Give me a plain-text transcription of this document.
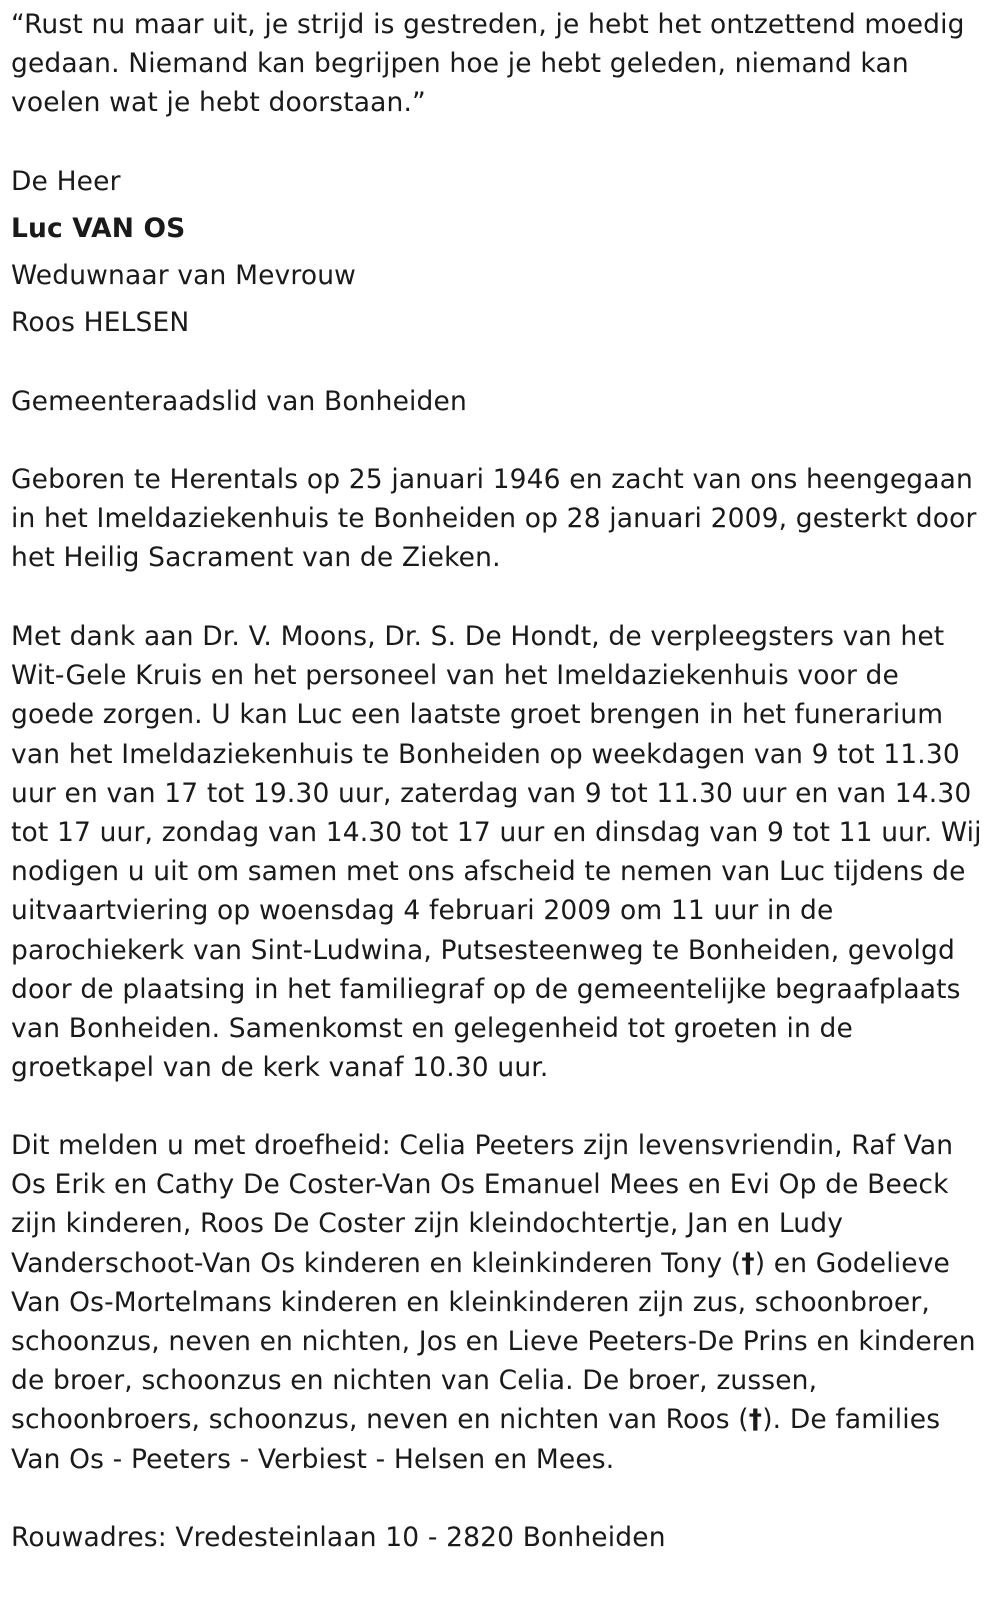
“Rust nu maar uit, je strijd is gestreden, je hebt het ontzettend moedig gedaan. Niemand kan begrijpen hoe je hebt geleden, niemand kan voelen wat je hebt doorstaan.”

De Heer
Luc VAN OS
Weduwnaar van Mevrouw
Roos HELSEN
Gemeenteraadslid van Bonheiden

Geboren te Herentals op 25 januari 1946 en zacht van ons heengegaan in het Imeldaziekenhuis te Bonheiden op 28 januari 2009, gesterkt door het Heilig Sacrament van de Zieken.

Met dank aan Dr. V. Moons, Dr. S. De Hondt, de verpleegsters van het Wit-Gele Kruis en het personeel van het Imeldaziekenhuis voor de goede zorgen. U kan Luc een laatste groet brengen in het funerarium van het Imeldaziekenhuis te Bonheiden op weekdagen van 9 tot 11.30 uur en van 17 tot 19.30 uur, zaterdag van 9 tot 11.30 uur en van 14.30 tot 17 uur, zondag van 14.30 tot 17 uur en dinsdag van 9 tot 11 uur. Wij nodigen u uit om samen met ons afscheid te nemen van Luc tijdens de uitvaartviering op woensdag 4 februari 2009 om 11 uur in de parochiekerk van Sint-Ludwina, Putsesteenweg te Bonheiden, gevolgd door de plaatsing in het familiegraf op de gemeentelijke begraafplaats van Bonheiden. Samenkomst en gelegenheid tot groeten in de groetkapel van de kerk vanaf 10.30 uur.

Dit melden u met droefheid: Celia Peeters zijn levensvriendin, Raf Van Os Erik en Cathy De Coster-Van Os Emanuel Mees en Evi Op de Beeck zijn kinderen, Roos De Coster zijn kleindochtertje, Jan en Ludy Vanderschoot-Van Os kinderen en kleinkinderen Tony (†) en Godelieve Van Os-Mortelmans kinderen en kleinkinderen zijn zus, schoonbroer, schoonzus, neven en nichten, Jos en Lieve Peeters-De Prins en kinderen de broer, schoonzus en nichten van Celia. De broer, zussen, schoonbroers, schoonzus, neven en nichten van Roos (†). De families Van Os - Peeters - Verbiest - Helsen en Mees.

Rouwadres: Vredesteinlaan 10 - 2820 Bonheiden
